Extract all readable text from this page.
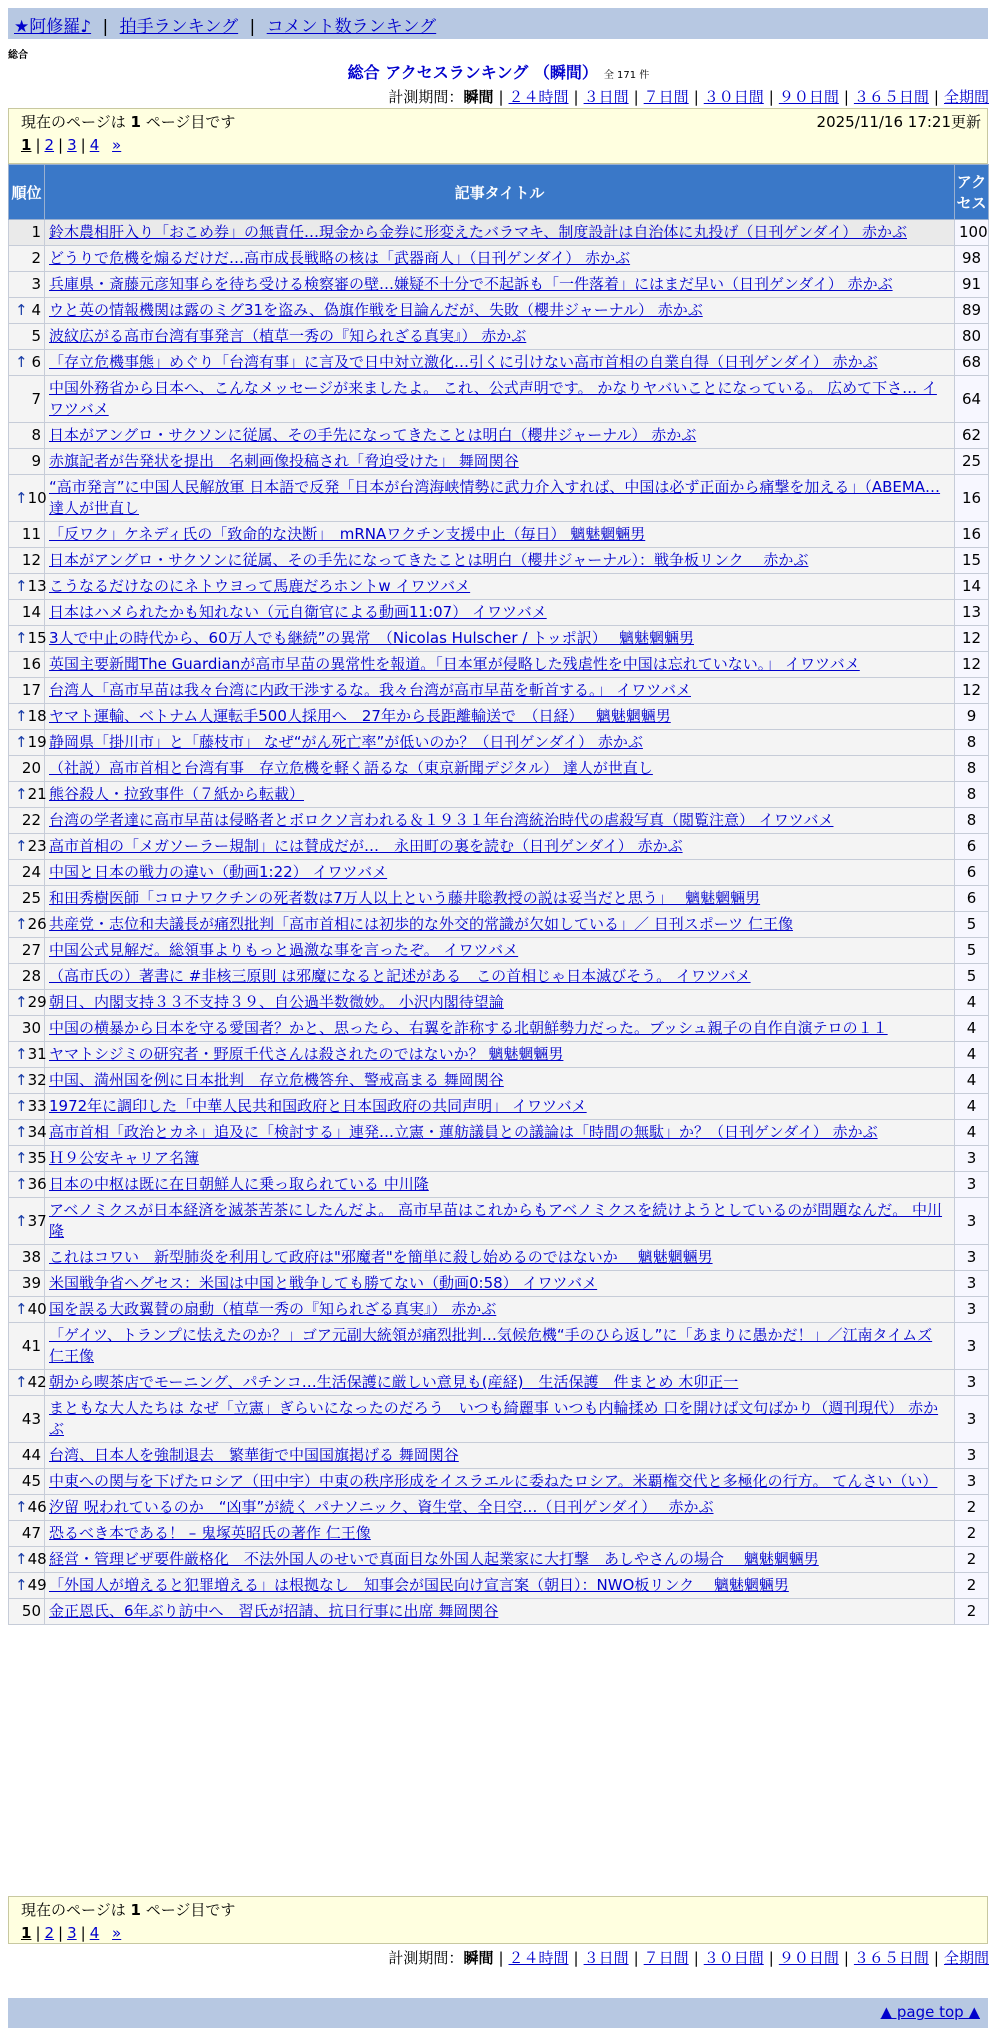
★阿修羅♪ | 拍手ランキング | コメント数ランキング
総合
総合 アクセスランキング （瞬間） 全 171 件
計測期間：瞬間 | ２４時間 | ３日間 | ７日間 | ３０日間 | ９０日間 | ３６５日間 | 全期間
現在のページは 1 ページ目です	2025/11/16 17:21更新
1 | 2 | 3 | 4 »
順位	記事タイトル	アクセス
1	鈴木農相肝入り「おこめ券」の無責任…現金から金券に形変えたバラマキ、制度設計は自治体に丸投げ（日刊ゲンダイ） 赤かぶ	100
2	どうりで危機を煽るだけだ…高市成長戦略の核は「武器商人」（日刊ゲンダイ） 赤かぶ	98
3	兵庫県・斎藤元彦知事らを待ち受ける検察審の壁…嫌疑不十分で不起訴も「一件落着」にはまだ早い（日刊ゲンダイ） 赤かぶ	91

↑ 4	ウと英の情報機関は露のミグ31を盗み、偽旗作戦を目論んだが、失敗（櫻井ジャーナル） 赤かぶ	89
5	波紋広がる高市台湾有事発言（植草一秀の『知られざる真実』） 赤かぶ	80

↑ 6	「存立危機事態」めぐり「台湾有事」に言及で日中対立激化…引くに引けない高市首相の自業自得（日刊ゲンダイ） 赤かぶ	68
7	中国外務省から日本へ、こんなメッセージが来ましたよ。 これ、公式声明です。 かなりヤバいことになっている。 広めて下さ… イワツバメ	64
8	日本がアングロ・サクソンに従属、その手先になってきたことは明白（櫻井ジャーナル） 赤かぶ	62
9	赤旗記者が告発状を提出　名刺画像投稿され「脅迫受けた」 舞岡関谷	25

↑ 10	“高市発言”に中国人民解放軍 日本語で反発「日本が台湾海峡情勢に武力介入すれば、中国は必ず正面から痛撃を加える」（ABEMA… 達人が世直し	16
11	「反ワク」ケネディ氏の「致命的な決断」　mRNAワクチン支援中止（毎日） 魑魅魍魎男	16
12	日本がアングロ・サクソンに従属、その手先になってきたことは明白（櫻井ジャーナル）：戦争板リンク　 赤かぶ	15

↑ 13	こうなるだけなのにネトウヨって馬鹿だろホントw イワツバメ	14
14	日本はハメられたかも知れない（元自衛官による動画11:07） イワツバメ	13

↑ 15	3人で中止の時代から、60万人でも継続”の異常　（Nicolas Hulscher / トッポ訳）　 魑魅魍魎男	12
16	英国主要新聞The Guardianが高市早苗の異常性を報道。「日本軍が侵略した残虐性を中国は忘れていない。」 イワツバメ	12
17	台湾人「高市早苗は我々台湾に内政干渉するな。我々台湾が高市早苗を斬首する。」 イワツバメ	12

↑ 18	ヤマト運輸、ベトナム人運転手500人採用へ　27年から長距離輸送で　（日経）　 魑魅魍魎男	9

↑ 19	静岡県「掛川市」と「藤枝市」 なぜ“がん死亡率”が低いのか？（日刊ゲンダイ） 赤かぶ	8
20	（社説）高市首相と台湾有事　存立危機を軽く語るな（東京新聞デジタル） 達人が世直し	8

↑ 21	熊谷殺人・拉致事件（７紙から転載）	8
22	台湾の学者達に高市早苗は侵略者とボロクソ言われる＆１９３１年台湾統治時代の虐殺写真（閲覧注意） イワツバメ	8

↑ 23	高市首相の「メガソーラー規制」には賛成だが…　永田町の裏を読む（日刊ゲンダイ） 赤かぶ	6
24	中国と日本の戦力の違い（動画1:22） イワツバメ	6
25	和田秀樹医師「コロナワクチンの死者数は7万人以上という藤井聡教授の説は妥当だと思う」　 魑魅魍魎男	6

↑ 26	共産党・志位和夫議長が痛烈批判「高市首相には初歩的な外交的常識が欠如している」／ 日刊スポーツ 仁王像	5
27	中国公式見解だ。総領事よりもっと過激な事を言ったぞ。 イワツバメ	5
28	（高市氏の）著書に #非核三原則 は邪魔になると記述がある　この首相じゃ日本滅びそう。 イワツバメ	5

↑ 29	朝日、内閣支持３３不支持３９、自公過半数微妙。 小沢内閣待望論	4
30	中国の横暴から日本を守る愛国者？かと、思ったら、右翼を詐称する北朝鮮勢力だった。ブッシュ親子の自作自演テロの１１	4

↑ 31	ヤマトシジミの研究者・野原千代さんは殺されたのではないか？ 魑魅魍魎男	4

↑ 32	中国、満州国を例に日本批判　存立危機答弁、警戒高まる 舞岡関谷	4

↑ 33	1972年に調印した「中華人民共和国政府と日本国政府の共同声明」 イワツバメ	4

↑ 34	高市首相「政治とカネ」追及に「検討する」連発…立憲・蓮舫議員との議論は「時間の無駄」か？（日刊ゲンダイ） 赤かぶ	4

↑ 35	Ｈ９公安キャリア名簿	3

↑ 36	日本の中枢は既に在日朝鮮人に乗っ取られている 中川隆	3

↑ 37	アベノミクスが日本経済を滅茶苦茶にしたんだよ。 高市早苗はこれからもアベノミクスを続けようとしているのが問題なんだ。 中川隆	3
38	これはコワい　新型肺炎を利用して政府は"邪魔者"を簡単に殺し始めるのではないか　 魑魅魍魎男	3
39	米国戦争省ヘグセス：米国は中国と戦争しても勝てない（動画0:58） イワツバメ	3

↑ 40	国を誤る大政翼賛の扇動（植草一秀の『知られざる真実』） 赤かぶ	3
41	「ゲイツ、トランプに怯えたのか？」ゴア元副大統領が痛烈批判…気候危機“手のひら返し”に「あまりに愚かだ！」／江南タイムズ 仁王像	3

↑ 42	朝から喫茶店でモーニング、パチンコ…生活保護に厳しい意見も(産経)　生活保護　件まとめ 木卯正一	3
43	まともな大人たちは なぜ「立憲」ぎらいになったのだろう　いつも綺麗事 いつも内輪揉め 口を開けば文句ばかり（週刊現代） 赤かぶ	3
44	台湾、日本人を強制退去　繁華街で中国国旗掲げる 舞岡関谷	3
45	中東への関与を下げたロシア（田中宇）中東の秩序形成をイスラエルに委ねたロシア。米覇権交代と多極化の行方。 てんさい（い）	3

↑ 46	汐留 呪われているのか　“凶事”が続く パナソニック、資生堂、全日空…（日刊ゲンダイ）　 赤かぶ	2
47	恐るべき本である！ – 鬼塚英昭氏の著作 仁王像	2

↑ 48	経営・管理ビザ要件厳格化　不法外国人のせいで真面目な外国人起業家に大打撃　あしやさんの場合　 魑魅魍魎男	2

↑ 49	「外国人が増えると犯罪増える」は根拠なし　知事会が国民向け宣言案（朝日）：NWO板リンク　 魑魅魍魎男	2
50	金正恩氏、6年ぶり訪中へ　習氏が招請、抗日行事に出席 舞岡関谷	2
現在のページは 1 ページ目です
1 | 2 | 3 | 4 »
計測期間：瞬間 | ２４時間 | ３日間 | ７日間 | ３０日間 | ９０日間 | ３６５日間 | 全期間
▲ page top ▲
